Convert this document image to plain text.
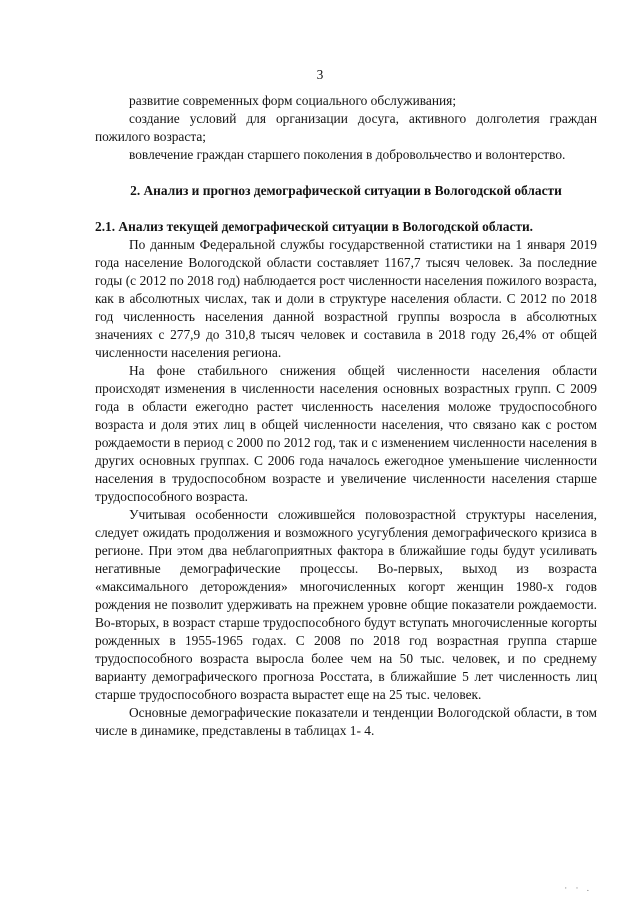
3

развитие современных форм социального обслуживания;

создание условий для организации досуга, активного долголетия граждан пожилого возраста;

вовлечение граждан старшего поколения в добровольчество и волонтерство.

2. Анализ и прогноз демографической ситуации в Вологодской области

2.1. Анализ текущей демографической ситуации в Вологодской области.

По данным Федеральной службы государственной статистики на 1 января 2019 года население Вологодской области составляет 1167,7 тысяч человек. За последние годы (с 2012 по 2018 год) наблюдается рост численности населения пожилого возраста, как в абсолютных числах, так и доли в структуре населения области. С 2012 по 2018 год численность населения данной возрастной группы возросла в абсолютных значениях с 277,9 до 310,8 тысяч человек и составила в 2018 году 26,4% от общей численности населения региона.

На фоне стабильного снижения общей численности населения области происходят изменения в численности населения основных возрастных групп. С 2009 года в области ежегодно растет численность населения моложе трудоспособного возраста и доля этих лиц в общей численности населения, что связано как с ростом рождаемости в период с 2000 по 2012 год, так и с изменением численности населения в других основных группах. С 2006 года началось ежегодное уменьшение численности населения в трудоспособном возрасте и увеличение численности населения старше трудоспособного возраста.

Учитывая особенности сложившейся половозрастной структуры населения, следует ожидать продолжения и возможного усугубления демографического кризиса в регионе. При этом два неблагоприятных фактора в ближайшие годы будут усиливать негативные демографические процессы. Во-первых, выход из возраста «максимального деторождения» многочисленных когорт женщин 1980-х годов рождения не позволит удерживать на прежнем уровне общие показатели рождаемости. Во-вторых, в возраст старше трудоспособного будут вступать многочисленные когорты рожденных в 1955-1965 годах. С 2008 по 2018 год возрастная группа старше трудоспособного возраста выросла более чем на 50 тыс. человек, и по среднему варианту демографического прогноза Росстата, в ближайшие 5 лет численность лиц старше трудоспособного возраста вырастет еще на 25 тыс. человек.

Основные демографические показатели и тенденции Вологодской области, в том числе в динамике, представлены в таблицах 1- 4.

· · .
